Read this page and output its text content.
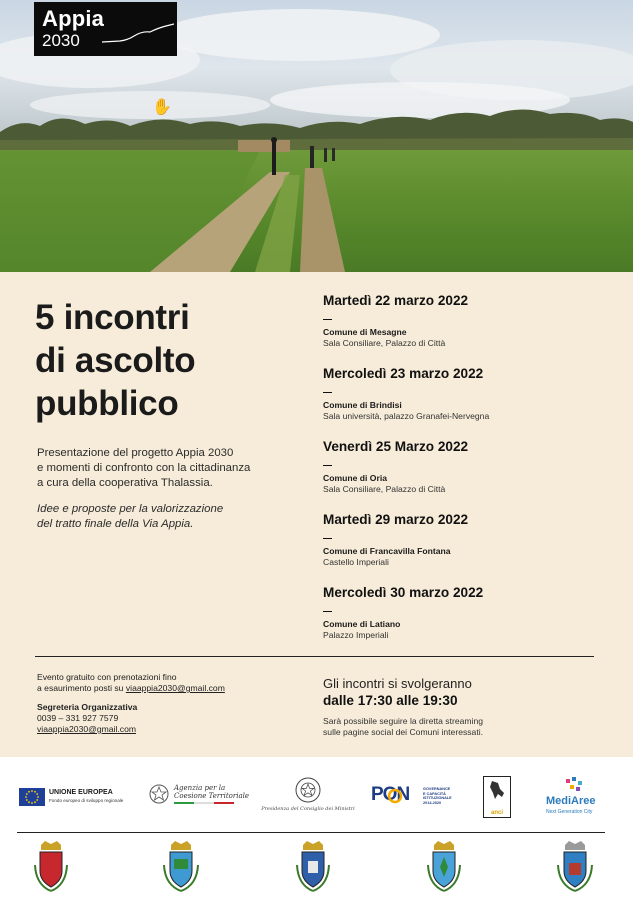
Appia
2030
✋
5 incontri
di ascolto
pubblico
Presentazione del progetto Appia 2030
e momenti di confronto con la cittadinanza
a cura della cooperativa Thalassia.
Idee e proposte per la valorizzazione
del tratto finale della Via Appia.
Martedì 22 marzo 2022
Comune di Mesagne
Sala Consiliare, Palazzo di Città
Mercoledì 23 marzo 2022
Comune di Brindisi
Sala università, palazzo Granafei-Nervegna
Venerdì 25 Marzo 2022
Comune di Oria
Sala Consiliare, Palazzo di Città
Martedì 29 marzo 2022
Comune di Francavilla Fontana
Castello Imperiali
Mercoledì 30 marzo 2022
Comune di Latiano
Palazzo Imperiali
Evento gratuito con prenotazioni fino
a esaurimento posti su viaappia2030@gmail.com
Segreteria Organizzativa
0039 – 331 927 7579
viaappia2030@gmail.com
Gli incontri si svolgeranno
dalle 17:30 alle 19:30
Sarà possibile seguire la diretta streaming
sulle pagine social dei Comuni interessati.
UNIONE EUROPEA
Fondo europeo di sviluppo regionale
Agenzia per la
Coesione Territoriale
Presidenza del Consiglio dei Ministri
PON	GOVERNANCE
E CAPACITÀ
ISTITUZIONALE
2014-2020
anci
MediAree
Next Generation City
